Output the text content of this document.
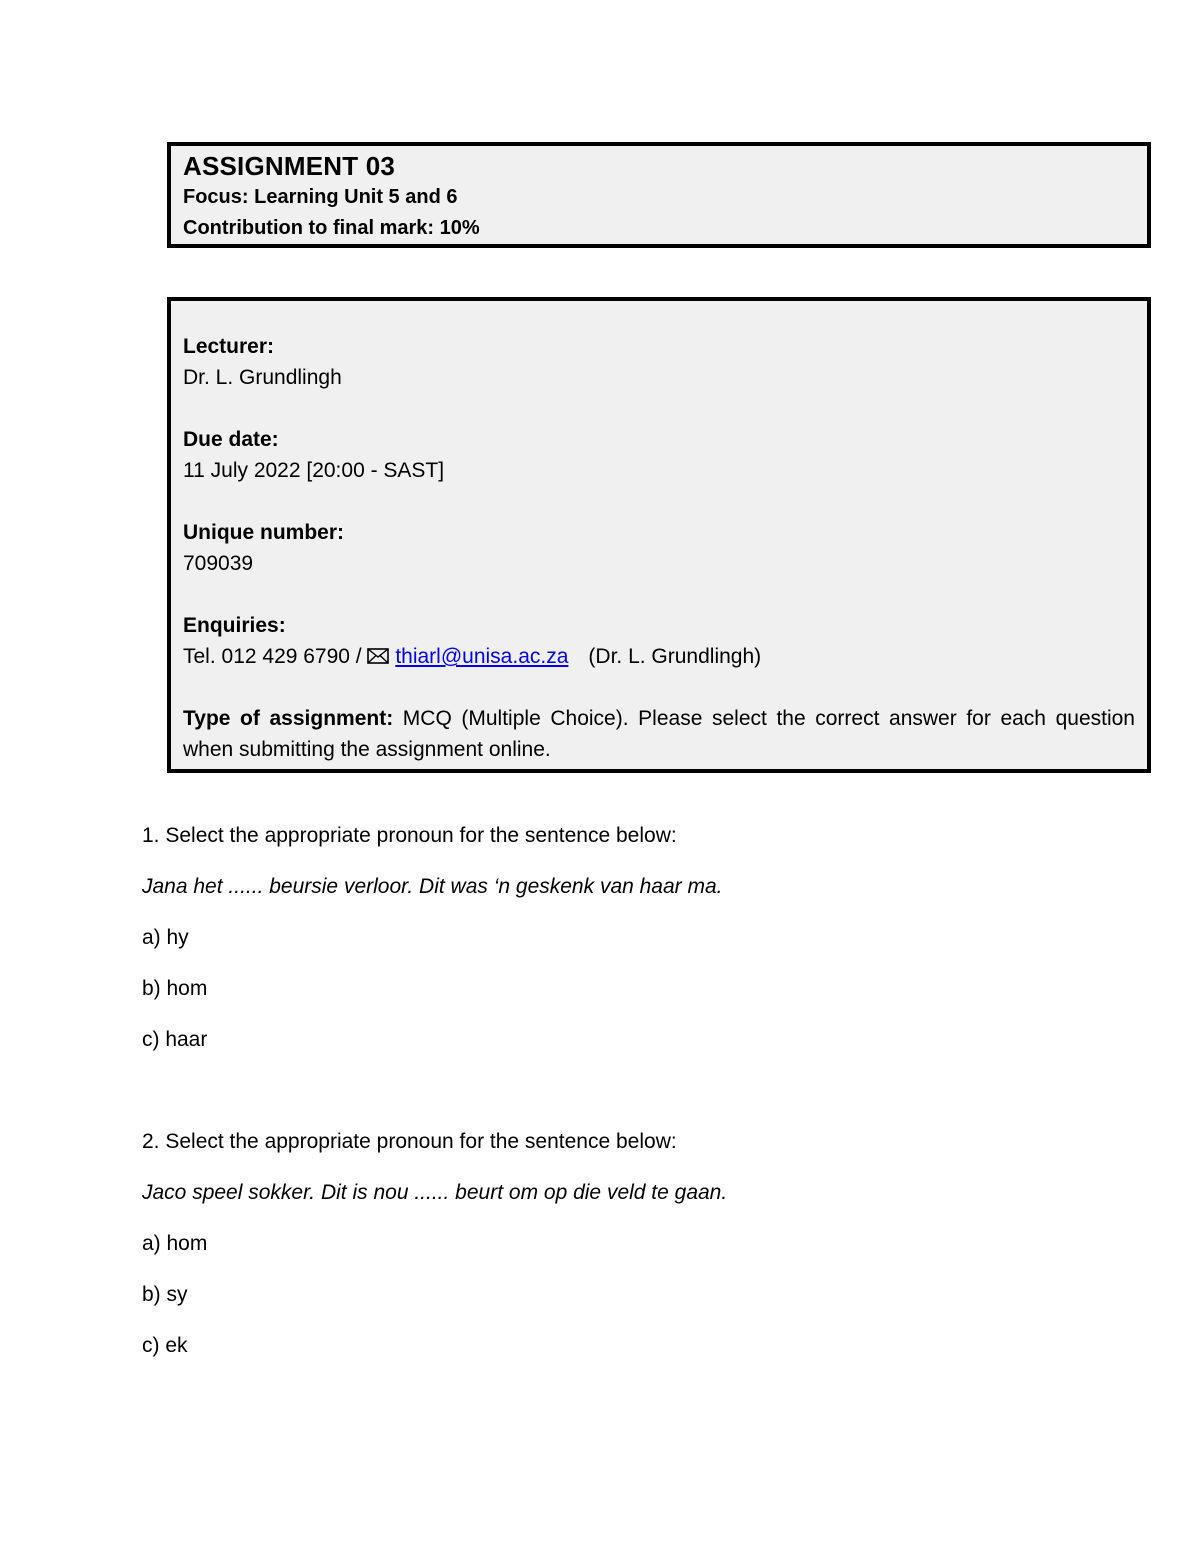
ASSIGNMENT 03

Focus: Learning Unit 5 and 6

Contribution to final mark: 10%

Lecturer:
Dr. L. Grundlingh
Due date:
11 July 2022 [20:00 - SAST]
Unique number:
709039
Enquiries:
Tel. 012 429 6790 /  thiarl@unisa.ac.za (Dr. L. Grundlingh)

Type of assignment: MCQ (Multiple Choice). Please select the correct answer for each question when submitting the assignment online.

1. Select the appropriate pronoun for the sentence below:

Jana het ...... beursie verloor. Dit was ‘n geskenk van haar ma.

a) hy

b) hom

c) haar

2. Select the appropriate pronoun for the sentence below:

Jaco speel sokker. Dit is nou ...... beurt om op die veld te gaan.

a) hom

b) sy

c) ek
